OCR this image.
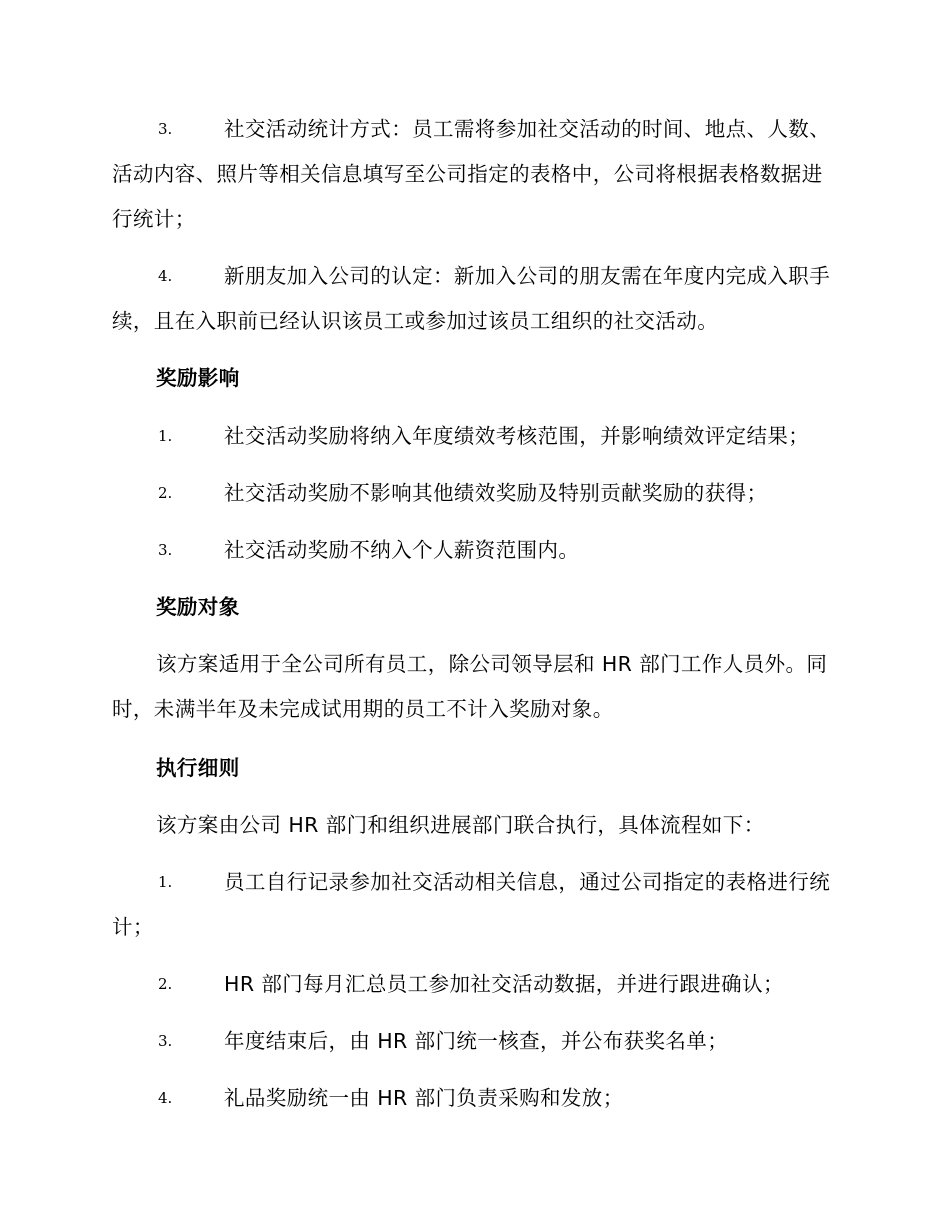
3.	社交活动统计方式：员工需将参加社交活动的时间、地点、人数、活动内容、照片等相关信息填写至公司指定的表格中，公司将根据表格数据进行统计；
4.	新朋友加入公司的认定：新加入公司的朋友需在年度内完成入职手续，且在入职前已经认识该员工或参加过该员工组织的社交活动。
奖励影响
1.	社交活动奖励将纳入年度绩效考核范围，并影响绩效评定结果；
2.	社交活动奖励不影响其他绩效奖励及特别贡献奖励的获得；
3.	社交活动奖励不纳入个人薪资范围内。
奖励对象
该方案适用于全公司所有员工，除公司领导层和 HR 部门工作人员外。同时，未满半年及未完成试用期的员工不计入奖励对象。
执行细则
该方案由公司 HR 部门和组织进展部门联合执行，具体流程如下：
1.	员工自行记录参加社交活动相关信息，通过公司指定的表格进行统计；
2.	HR 部门每月汇总员工参加社交活动数据，并进行跟进确认；
3.	年度结束后，由 HR 部门统一核查，并公布获奖名单；
4.	礼品奖励统一由 HR 部门负责采购和发放；
